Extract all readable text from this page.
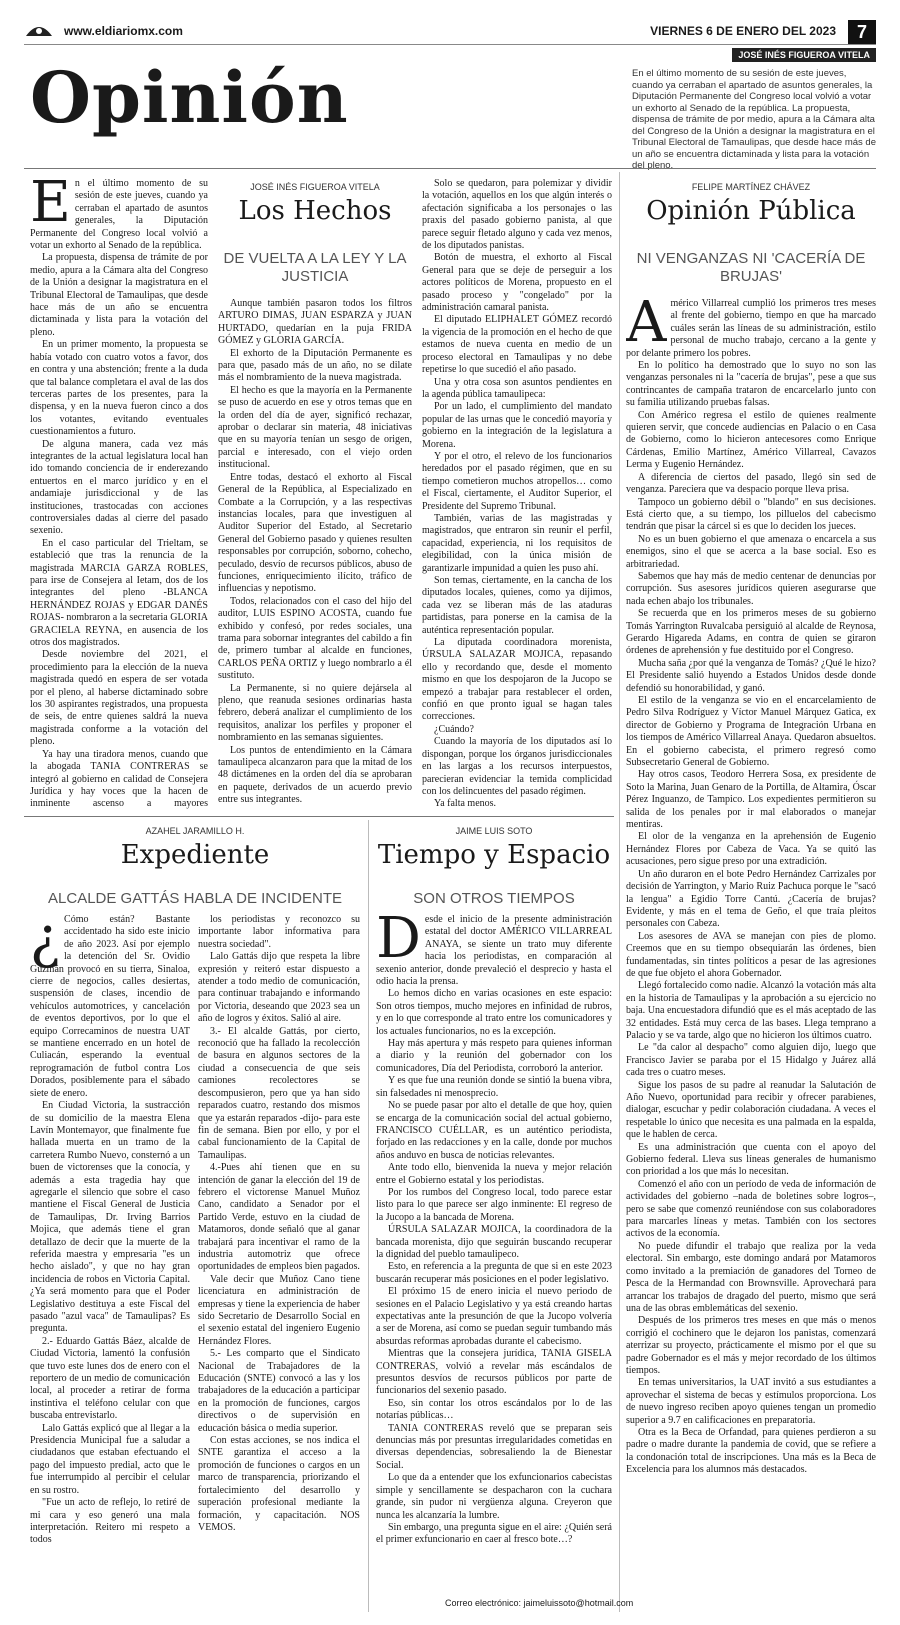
www.eldiariomx.com	VIERNES 6 DE ENERO DEL 2023	7
JOSÉ INÉS FIGUEROA VITELA
Opinión	En el último momento de su sesión de este jueves, cuando ya cerraban el apartado de asuntos generales, la Diputación Permanente del Congreso local volvió a votar un exhorto al Senado de la república. La propuesta, dispensa de trámite de por medio, apura a la Cámara alta del Congreso de la Unión a designar la magistratura en el Tribunal Electoral de Tamaulipas, que desde hace más de un año se encuentra dictaminada y lista para la votación del pleno.
JOSÉ INÉS FIGUEROA VITELA
Los Hechos
DE VUELTA A LA LEY Y LA JUSTICIA
E n el último momento de su sesión de este jueves, cuando ya cerraban el apartado de asuntos generales, la Diputación Permanente del Congreso local volvió a votar un exhorto al Senado de la república.

La propuesta, dispensa de trámite de por medio, apura a la Cámara alta del Congreso de la Unión a designar la magistratura en el Tribunal Electoral de Tamaulipas, que desde hace más de un año se encuentra dictaminada y lista para la votación del pleno.

En un primer momento, la propuesta se había votado con cuatro votos a favor, dos en contra y una abstención; frente a la duda que tal balance completara el aval de las dos terceras partes de los presentes, para la dispensa, y en la nueva fueron cinco a dos los votantes, evitando eventuales cuestionamientos a futuro.

De alguna manera, cada vez más integrantes de la actual legislatura local han ido tomando conciencia de ir enderezando entuertos en el marco jurídico y en el andamiaje jurisdiccional y de las instituciones, trastocadas con acciones controversiales dadas al cierre del pasado sexenio.

En el caso particular del Trieltam, se estableció que tras la renuncia de la magistrada MARCIA GARZA ROBLES, para irse de Consejera al Ietam, dos de los integrantes del pleno -BLANCA HERNÁNDEZ ROJAS y EDGAR DANÉS ROJAS- nombraron a la secretaria GLORIA GRACIELA REYNA, en ausencia de los otros dos magistrados.

Desde noviembre del 2021, el procedimiento para la elección de la nueva magistrada quedó en espera de ser votada por el pleno, al haberse dictaminado sobre los 30 aspirantes registrados, una propuesta de seis, de entre quienes saldrá la nueva magistrada conforme a la votación del pleno.

Ya hay una tiradora menos, cuando que la abogada TANIA CONTRERAS se integró al gobierno en calidad de Consejera Jurídica y hay voces que la hacen de inminente ascenso a mayores

Aunque también pasaron todos los filtros ARTURO DIMAS, JUAN ESPARZA y JUAN HURTADO, quedarían en la puja FRIDA GÓMEZ y GLORIA GARCÍA.

El exhorto de la Diputación Permanente es para que, pasado más de un año, no se dilate más el nombramiento de la nueva magistrada.

El hecho es que la mayoría en la Permanente se puso de acuerdo en ese y otros temas que en la orden del día de ayer, significó rechazar, aprobar o declarar sin materia, 48 iniciativas que en su mayoría tenían un sesgo de origen, parcial e interesado, con el viejo orden institucional.

Entre todas, destacó el exhorto al Fiscal General de la República, al Especializado en Combate a la Corrupción, y a las respectivas instancias locales, para que investiguen al Auditor Superior del Estado, al Secretario General del Gobierno pasado y quienes resulten responsables por corrupción, soborno, cohecho, peculado, desvío de recursos públicos, abuso de funciones, enriquecimiento ilícito, tráfico de influencias y nepotismo.

Todos, relacionados con el caso del hijo del auditor, LUIS ESPINO ACOSTA, cuando fue exhibido y confesó, por redes sociales, una trama para sobornar integrantes del cabildo a fin de, primero tumbar al alcalde en funciones, CARLOS PEÑA ORTIZ y luego nombrarlo a él sustituto.

La Permanente, si no quiere dejársela al pleno, que reanuda sesiones ordinarias hasta febrero, deberá analizar el cumplimiento de los requisitos, analizar los perfiles y proponer el nombramiento en las semanas siguientes.

Los puntos de entendimiento en la Cámara tamaulipeca alcanzaron para que la mitad de los 48 dictámenes en la orden del día se aprobaran en paquete, derivados de un acuerdo previo entre sus integrantes.

Solo se quedaron, para polemizar y dividir la votación, aquellos en los que algún interés o afectación significaba a los personajes o las praxis del pasado gobierno panista, al que parece seguir fletado alguno y cada vez menos, de los diputados panistas.

Botón de muestra, el exhorto al Fiscal General para que se deje de perseguir a los actores políticos de Morena, propuesto en el pasado proceso y "congelado" por la administración camaral panista.

El diputado ELIPHALET GÓMEZ recordó la vigencia de la promoción en el hecho de que estamos de nueva cuenta en medio de un proceso electoral en Tamaulipas y no debe repetirse lo que sucedió el año pasado.

Una y otra cosa son asuntos pendientes en la agenda pública tamaulipeca:

Por un lado, el cumplimiento del mandato popular de las urnas que le concedió mayoría y gobierno en la integración de la legislatura a Morena.

Y por el otro, el relevo de los funcionarios heredados por el pasado régimen, que en su tiempo cometieron muchos atropellos… como el Fiscal, ciertamente, el Auditor Superior, el Presidente del Supremo Tribunal.

También, varias de las magistradas y magistrados, que entraron sin reunir el perfil, capacidad, experiencia, ni los requisitos de elegibilidad, con la única misión de garantizarle impunidad a quien les puso ahí.

Son temas, ciertamente, en la cancha de los diputados locales, quienes, como ya dijimos, cada vez se liberan más de las ataduras partidistas, para ponerse en la camisa de la auténtica representación popular.

La diputada coordinadora morenista, ÚRSULA SALAZAR MOJICA, repasando ello y recordando que, desde el momento mismo en que los despojaron de la Jucopo se empezó a trabajar para restablecer el orden, confió en que pronto igual se hagan tales correcciones.

¿Cuándo?

Cuando la mayoría de los diputados así lo dispongan, porque los órganos jurisdiccionales en las largas a los recursos interpuestos, parecieran evidenciar la temida complicidad con los delincuentes del pasado régimen.

Ya falta menos.

FELIPE MARTÍNEZ CHÁVEZ
Opinión Pública
NI VENGANZAS NI 'CACERÍA DE BRUJAS'
A mérico Villarreal cumplió los primeros tres meses al frente del gobierno, tiempo en que ha marcado cuáles serán las líneas de su administración, estilo personal de mucho trabajo, cercano a la gente y por delante primero los pobres.

En lo político ha demostrado que lo suyo no son las venganzas personales ni la "cacería de brujas", pese a que sus contrincantes de campaña trataron de encarcelarlo junto con su familia utilizando pruebas falsas.

Con Américo regresa el estilo de quienes realmente quieren servir, que concede audiencias en Palacio o en Casa de Gobierno, como lo hicieron antecesores como Enrique Cárdenas, Emilio Martínez, Américo Villarreal, Cavazos Lerma y Eugenio Hernández.

A diferencia de ciertos del pasado, llegó sin sed de venganza. Pareciera que va despacio porque lleva prisa.

Tampoco un gobierno débil o "blando" en sus decisiones. Está cierto que, a su tiempo, los pilluelos del cabecismo tendrán que pisar la cárcel si es que lo deciden los jueces.

No es un buen gobierno el que amenaza o encarcela a sus enemigos, sino el que se acerca a la base social. Eso es arbitrariedad.

Sabemos que hay más de medio centenar de denuncias por corrupción. Sus asesores jurídicos quieren asegurarse que nada echen abajo los tribunales.

Se recuerda que en los primeros meses de su gobierno Tomás Yarrington Ruvalcaba persiguió al alcalde de Reynosa, Gerardo Higareda Adams, en contra de quien se giraron órdenes de aprehensión y fue destituido por el Congreso.

Mucha saña ¿por qué la venganza de Tomás? ¿Qué le hizo? El Presidente salió huyendo a Estados Unidos desde donde defendió su honorabilidad, y ganó.

El estilo de la venganza se vio en el encarcelamiento de Pedro Silva Rodríguez y Víctor Manuel Márquez Gatica, ex director de Gobierno y Programa de Integración Urbana en los tiempos de Américo Villarreal Anaya. Quedaron absueltos. En el gobierno cabecista, el primero regresó como Subsecretario General de Gobierno.

Hay otros casos, Teodoro Herrera Sosa, ex presidente de Soto la Marina, Juan Genaro de la Portilla, de Altamira, Óscar Pérez Inguanzo, de Tampico. Los expedientes permitieron su salida de los penales por ir mal elaborados o manejar mentiras.

El olor de la venganza en la aprehensión de Eugenio Hernández Flores por Cabeza de Vaca. Ya se quitó las acusaciones, pero sigue preso por una extradición.

Un año duraron en el bote Pedro Hernández Carrizales por decisión de Yarrington, y Mario Ruiz Pachuca porque le "sacó la lengua" a Egidio Torre Cantú. ¿Cacería de brujas? Evidente, y más en el tema de Geño, el que traía pleitos personales con Cabeza.

Los asesores de AVA se manejan con pies de plomo. Creemos que en su tiempo obsequiarán las órdenes, bien fundamentadas, sin tintes políticos a pesar de las agresiones de que fue objeto el ahora Gobernador.

Llegó fortalecido como nadie. Alcanzó la votación más alta en la historia de Tamaulipas y la aprobación a su ejercicio no baja. Una encuestadora difundió que es el más aceptado de las 32 entidades. Está muy cerca de las bases. Llega temprano a Palacio y se va tarde, algo que no hicieron los últimos cuatro.

Le "da calor al despacho" como alguien dijo, luego que Francisco Javier se paraba por el 15 Hidalgo y Juárez allá cada tres o cuatro meses.

Sigue los pasos de su padre al reanudar la Salutación de Año Nuevo, oportunidad para recibir y ofrecer parabienes, dialogar, escuchar y pedir colaboración ciudadana. A veces el respetable lo único que necesita es una palmada en la espalda, que le hablen de cerca.

Es una administración que cuenta con el apoyo del Gobierno federal. Lleva sus líneas generales de humanismo con prioridad a los que más lo necesitan.

Comenzó el año con un período de veda de información de actividades del gobierno –nada de boletines sobre logros–, pero se sabe que comenzó reuniéndose con sus colaboradores para marcarles líneas y metas. También con los sectores activos de la economía.

No puede difundir el trabajo que realiza por la veda electoral. Sin embargo, este domingo andará por Matamoros como invitado a la premiación de ganadores del Torneo de Pesca de la Hermandad con Brownsville. Aprovechará para arrancar los trabajos de dragado del puerto, mismo que será una de las obras emblemáticas del sexenio.

Después de los primeros tres meses en que más o menos corrigió el cochinero que le dejaron los panistas, comenzará aterrizar su proyecto, prácticamente el mismo por el que su padre Gobernador es el más y mejor recordado de los últimos tiempos.

En temas universitarios, la UAT invitó a sus estudiantes a aprovechar el sistema de becas y estímulos proporciona. Los de nuevo ingreso reciben apoyo quienes tengan un promedio superior a 9.7 en calificaciones en preparatoria.

Otra es la Beca de Orfandad, para quienes perdieron a su padre o madre durante la pandemia de covid, que se refiere a la condonación total de inscripciones. Una más es la Beca de Excelencia para los alumnos más destacados.

AZAHEL JARAMILLO H.
Expediente
ALCALDE GATTÁS HABLA DE INCIDENTE
¿ Cómo están? Bastante accidentado ha sido este inicio de año 2023. Así por ejemplo la detención del Sr. Ovidio Guzmán provocó en su tierra, Sinaloa, cierre de negocios, calles desiertas, suspensión de clases, incendio de vehículos automotrices, y cancelación de eventos deportivos, por lo que el equipo Correcaminos de nuestra UAT se mantiene encerrado en un hotel de Culiacán, esperando la eventual reprogramación de futbol contra Los Dorados, posiblemente para el sábado siete de enero.

En Ciudad Victoria, la sustracción de su domicilio de la maestra Elena Lavín Montemayor, que finalmente fue hallada muerta en un tramo de la carretera Rumbo Nuevo, consternó a un buen de victorenses que la conocía, y además a esta tragedia hay que agregarle el silencio que sobre el caso mantiene el Fiscal General de Justicia de Tamaulipas, Dr. Irving Barrios Mojica, que además tiene el gran detallazo de decir que la muerte de la referida maestra y empresaria "es un hecho aislado", y que no hay gran incidencia de robos en Victoria Capital. ¿Ya será momento para que el Poder Legislativo destituya a este Fiscal del pasado "azul vaca" de Tamaulipas? Es pregunta.

2.- Eduardo Gattás Báez, alcalde de Ciudad Victoria, lamentó la confusión que tuvo este lunes dos de enero con el reportero de un medio de comunicación local, al proceder a retirar de forma instintiva el teléfono celular con que buscaba entrevistarlo.

Lalo Gattás explicó que al llegar a la Presidencia Municipal fue a saludar a ciudadanos que estaban efectuando el pago del impuesto predial, acto que le fue interrumpido al percibir el celular en su rostro.

"Fue un acto de reflejo, lo retiré de mi cara y eso generó una mala interpretación. Reitero mi respeto a todos

los periodistas y reconozco su importante labor informativa para nuestra sociedad".

Lalo Gattás dijo que respeta la libre expresión y reiteró estar dispuesto a atender a todo medio de comunicación, para continuar trabajando e informando por Victoria, deseando que 2023 sea un año de logros y éxitos. Salió al aire.

3.- El alcalde Gattás, por cierto, reconoció que ha fallado la recolección de basura en algunos sectores de la ciudad a consecuencia de que seis camiones recolectores se descompusieron, pero que ya han sido reparados cuatro, restando dos mismos que ya estarán reparados -dijo- para este fin de semana. Bien por ello, y por el cabal funcionamiento de la Capital de Tamaulipas.

4.-Pues ahí tienen que en su intención de ganar la elección del 19 de febrero el victorense Manuel Muñoz Cano, candidato a Senador por el Partido Verde, estuvo en la ciudad de Matamoros, donde señaló que al ganar trabajará para incentivar el ramo de la industria automotriz que ofrece oportunidades de empleos bien pagados.

Vale decir que Muñoz Cano tiene licenciatura en administración de empresas y tiene la experiencia de haber sido Secretario de Desarrollo Social en el sexenio estatal del ingeniero Eugenio Hernández Flores.

5.- Les comparto que el Sindicato Nacional de Trabajadores de la Educación (SNTE) convocó a las y los trabajadores de la educación a participar en la promoción de funciones, cargos directivos o de supervisión en educación básica o media superior.

Con estas acciones, se nos indica el SNTE garantiza el acceso a la promoción de funciones o cargos en un marco de transparencia, priorizando el fortalecimiento del desarrollo y superación profesional mediante la formación, y capacitación. NOS VEMOS.

JAIME LUIS SOTO
Tiempo y Espacio
SON OTROS TIEMPOS
D esde el inicio de la presente administración estatal del doctor AMÉRICO VILLARREAL ANAYA, se siente un trato muy diferente hacia los periodistas, en comparación al sexenio anterior, donde prevaleció el desprecio y hasta el odio hacia la prensa.

Lo hemos dicho en varias ocasiones en este espacio: Son otros tiempos, mucho mejores en infinidad de rubros, y en lo que corresponde al trato entre los comunicadores y los actuales funcionarios, no es la excepción.

Hay más apertura y más respeto para quienes informan a diario y la reunión del gobernador con los comunicadores, Día del Periodista, corroboró la anterior.

Y es que fue una reunión donde se sintió la buena vibra, sin falsedades ni menosprecio.

No se puede pasar por alto el detalle de que hoy, quien se encarga de la comunicación social del actual gobierno, FRANCISCO CUÉLLAR, es un auténtico periodista, forjado en las redacciones y en la calle, donde por muchos años anduvo en busca de noticias relevantes.

Ante todo ello, bienvenida la nueva y mejor relación entre el Gobierno estatal y los periodistas.

Por los rumbos del Congreso local, todo parece estar listo para lo que parece ser algo inminente: El regreso de la Jucopo a la bancada de Morena.

ÚRSULA SALAZAR MOJICA, la coordinadora de la bancada morenista, dijo que seguirán buscando recuperar la dignidad del pueblo tamaulipeco.

Esto, en referencia a la pregunta de que si en este 2023 buscarán recuperar más posiciones en el poder legislativo.

El próximo 15 de enero inicia el nuevo periodo de sesiones en el Palacio Legislativo y ya está creando hartas expectativas ante la presunción de que la Jucopo volvería a ser de Morena, así como se puedan seguir tumbando más absurdas reformas aprobadas durante el cabecismo.

Mientras que la consejera jurídica, TANIA GISELA CONTRERAS, volvió a revelar más escándalos de presuntos desvíos de recursos públicos por parte de funcionarios del sexenio pasado.

Eso, sin contar los otros escándalos por lo de las notarías públicas…

TANIA CONTRERAS reveló que se preparan seis denuncias más por presuntas irregularidades cometidas en diversas dependencias, sobresaliendo la de Bienestar Social.

Lo que da a entender que los exfuncionarios cabecistas simple y sencillamente se despacharon con la cuchara grande, sin pudor ni vergüenza alguna. Creyeron que nunca les alcanzaría la lumbre.

Sin embargo, una pregunta sigue en el aire: ¿Quién será el primer exfuncionario en caer al fresco bote…?

Correo electrónico: jaimeluissoto@hotmail.com
